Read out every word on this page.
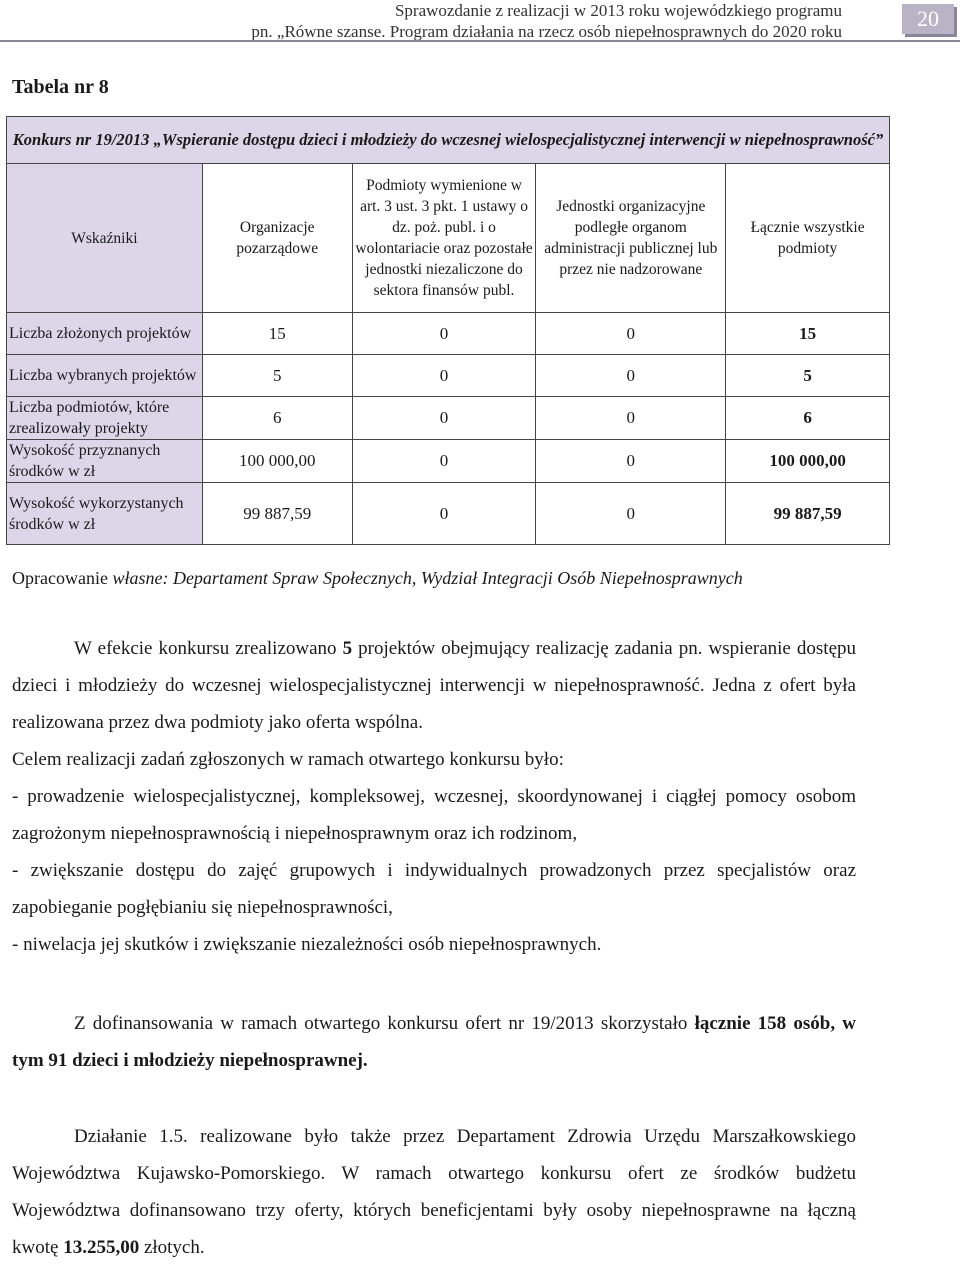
Sprawozdanie z realizacji w 2013 roku wojewódzkiego programu
pn. „Równe szanse. Program działania na rzecz osób niepełnosprawnych do 2020 roku
20
Tabela nr 8
Konkurs nr 19/2013 „Wspieranie dostępu dzieci i młodzieży do wczesnej wielospecjalistycznej interwencji w niepełnosprawność”				
Wskaźniki	Organizacje pozarządowe	Podmioty wymienione w art. 3 ust. 3 pkt. 1 ustawy o dz. poż. publ. i o wolontariacie oraz pozostałe jednostki niezaliczone do sektora finansów publ.	Jednostki organizacyjne podległe organom administracji publicznej lub przez nie nadzorowane	Łącznie wszystkie podmioty
Liczba złożonych projektów	15	0	0	15
Liczba wybranych projektów	5	0	0	5
Liczba podmiotów, które zrealizowały projekty	6	0	0	6
Wysokość przyznanych środków w zł	100 000,00	0	0	100 000,00
Wysokość wykorzystanych środków w zł	99 887,59	0	0	99 887,59
Opracowanie własne: Departament Spraw Społecznych, Wydział Integracji Osób Niepełnosprawnych

W efekcie konkursu zrealizowano 5 projektów obejmujący realizację zadania pn. wspieranie dostępu dzieci i młodzieży do wczesnej wielospecjalistycznej interwencji w niepełnosprawność. Jedna z ofert była realizowana przez dwa podmioty jako oferta wspólna.

Celem realizacji zadań zgłoszonych w ramach otwartego konkursu było:

- prowadzenie wielospecjalistycznej, kompleksowej, wczesnej, skoordynowanej i ciągłej pomocy osobom zagrożonym niepełnosprawnością i niepełnosprawnym oraz ich rodzinom,

- zwiększanie dostępu do zajęć grupowych i indywidualnych prowadzonych przez specjalistów oraz zapobieganie pogłębianiu się niepełnosprawności,

- niwelacja jej skutków i zwiększanie niezależności osób niepełnosprawnych.

Z dofinansowania w ramach otwartego konkursu ofert nr 19/2013 skorzystało łącznie 158 osób, w tym 91 dzieci i młodzieży niepełnosprawnej.

Działanie 1.5. realizowane było także przez Departament Zdrowia Urzędu Marszałkowskiego Województwa Kujawsko-Pomorskiego. W ramach otwartego konkursu ofert ze środków budżetu Województwa dofinansowano trzy oferty, których beneficjentami były osoby niepełnosprawne na łączną kwotę 13.255,00 złotych.
